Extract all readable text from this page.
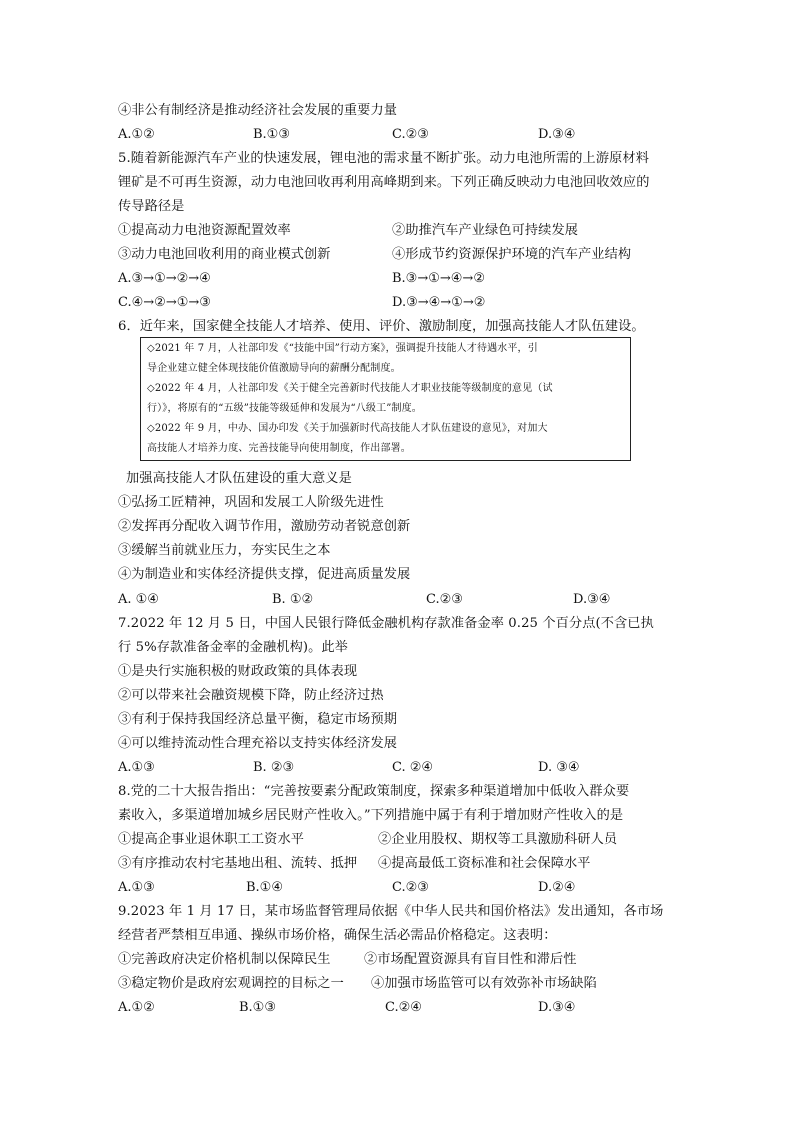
④非公有制经济是推动经济社会发展的重要力量
A.①②	B.①③	C.②③	D.③④
5.随着新能源汽车产业的快速发展，锂电池的需求量不断扩张。动力电池所需的上游原材料
锂矿是不可再生资源，动力电池回收再利用高峰期到来。下列正确反映动力电池回收效应的
传导路径是
①提高动力电池资源配置效率	②助推汽车产业绿色可持续发展
③动力电池回收利用的商业模式创新	④形成节约资源保护环境的汽车产业结构
A.③→①→②→④	B.③→①→④→②
C.④→②→①→③	D.③→④→①→②
6．近年来，国家健全技能人才培养、使用、评价、激励制度，加强高技能人才队伍建设。
◇2021 年 7 月，人社部印发《“技能中国”行动方案》，强调提升技能人才待遇水平，引
导企业建立健全体现技能价值激励导向的薪酬分配制度。
◇2022 年 4 月，人社部印发《关于健全完善新时代技能人才职业技能等级制度的意见（试
行）》，将原有的“五级”技能等级延伸和发展为“八级工”制度。
◇2022 年 9 月，中办、国办印发《关于加强新时代高技能人才队伍建设的意见》，对加大
高技能人才培养力度、完善技能导向使用制度，作出部署。
加强高技能人才队伍建设的重大意义是
①弘扬工匠精神，巩固和发展工人阶级先进性
②发挥再分配收入调节作用，激励劳动者锐意创新
③缓解当前就业压力，夯实民生之本
④为制造业和实体经济提供支撑，促进高质量发展
A. ①④	B. ①②	C.②③	D.③④
7.2022 年 12 月 5 日，中国人民银行降低金融机构存款准备金率 0.25 个百分点(不含已执
行 5%存款准备金率的金融机构)。此举
①是央行实施积极的财政政策的具体表现
②可以带来社会融资规模下降，防止经济过热
③有利于保持我国经济总量平衡，稳定市场预期
④可以维持流动性合理充裕以支持实体经济发展
A.①③	B. ②③	C. ②④	D. ③④
8.党的二十大报告指出：“完善按要素分配政策制度，探索多种渠道增加中低收入群众要
素收入，多渠道增加城乡居民财产性收入。”下列措施中属于有利于增加财产性收入的是
①提高企事业退休职工工资水平	②企业用股权、期权等工具激励科研人员
③有序推动农村宅基地出租、流转、抵押 ④提高最低工资标准和社会保障水平
A.①③	B.①④	C.②③	D.②④
9.2023 年 1 月 17 日，某市场监督管理局依据《中华人民共和国价格法》发出通知，各市场
经营者严禁相互串通、操纵市场价格，确保生活必需品价格稳定。这表明：
①完善政府决定价格机制以保障民生	②市场配置资源具有盲目性和滞后性
③稳定物价是政府宏观调控的目标之一 ④加强市场监管可以有效弥补市场缺陷
A.①②	B.①③	C.②④	D.③④
